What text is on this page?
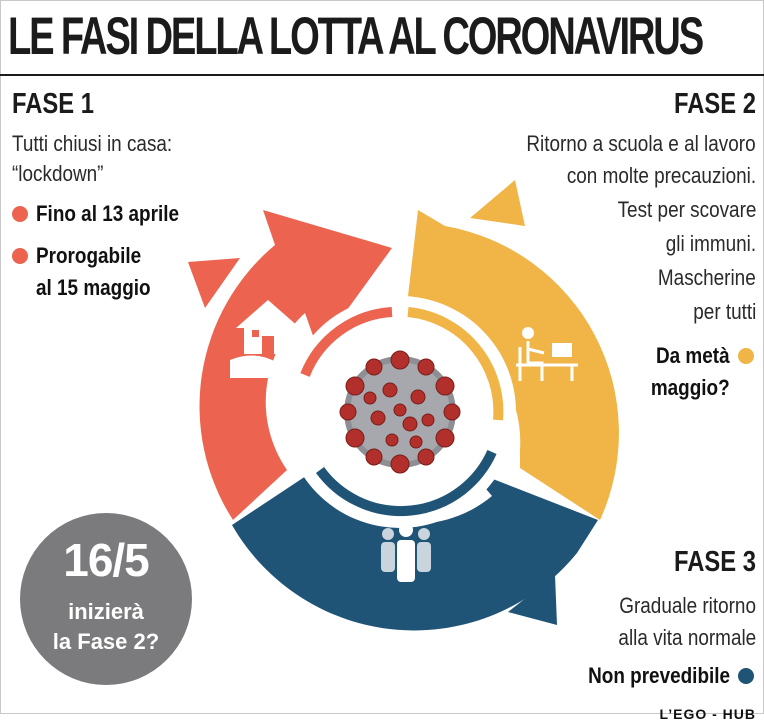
LE FASI DELLA LOTTA AL CORONAVIRUS
FASE 1
Tutti chiusi in casa:
“lockdown”
Fino al 13 aprile
Prorogabile
al 15 maggio
FASE 2
Ritorno a scuola e al lavoro
con molte precauzioni.
Test per scovare
gli immuni.
Mascherine
per tutti
Da metà
maggio?
FASE 3
Graduale ritorno
alla vita normale
Non prevedibile
16/5
inizierà
la Fase 2?
L’EGO - HUB
